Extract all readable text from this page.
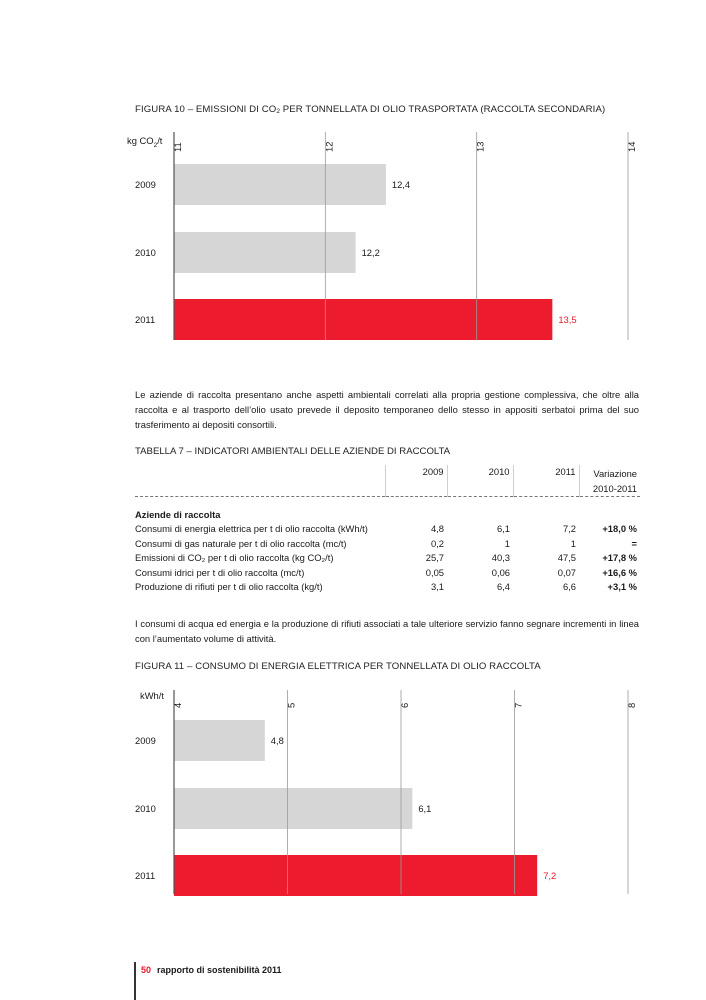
FIGURA 10 – EMISSIONI DI $CO_2$ PER TONNELLATA DI OLIO TRASPORTATA (RACCOLTA SECONDARIA)
2009	12,4
2010	12,2
2011	13,5
11	12	13	14
kg $CO_2/t$
Le aziende di raccolta presentano anche aspetti ambientali correlati alla propria gestione complessiva, che oltre alla raccolta e al trasporto dell’olio usato prevede il deposito temporaneo dello stesso in appositi serbatoi prima del suo trasferimento ai depositi consortili.
TABELLA 7 – INDICATORI AMBIENTALI DELLE AZIENDE DI RACCOLTA
	2009	2010	2011	Variazione
2010-2011

Aziende di raccolta				
Consumi di energia elettrica per t di olio raccolta (kWh/t)	4,8	6,1	7,2	+18,0 %
Consumi di gas naturale per t di olio raccolta (mc/t)	0,2	1	1	=
Emissioni di CO₂ per t di olio raccolta (kg CO₂/t)	25,7	40,3	47,5	+17,8 %
Consumi idrici per t di olio raccolta (mc/t)	0,05	0,06	0,07	+16,6 %
Produzione di rifiuti per t di olio raccolta (kg/t)	3,1	6,4	6,6	+3,1 %
I consumi di acqua ed energia e la produzione di rifiuti associati a tale ulteriore servizio fanno segnare incrementi in linea con l’aumentato volume di attività.
FIGURA 11 – CONSUMO DI ENERGIA ELETTRICA PER TONNELLATA DI OLIO RACCOLTA
2009	4,8
2010	6,1
2011	7,2
4	5	6	7	8
kWh/t
50 rapporto di sostenibilità 2011
